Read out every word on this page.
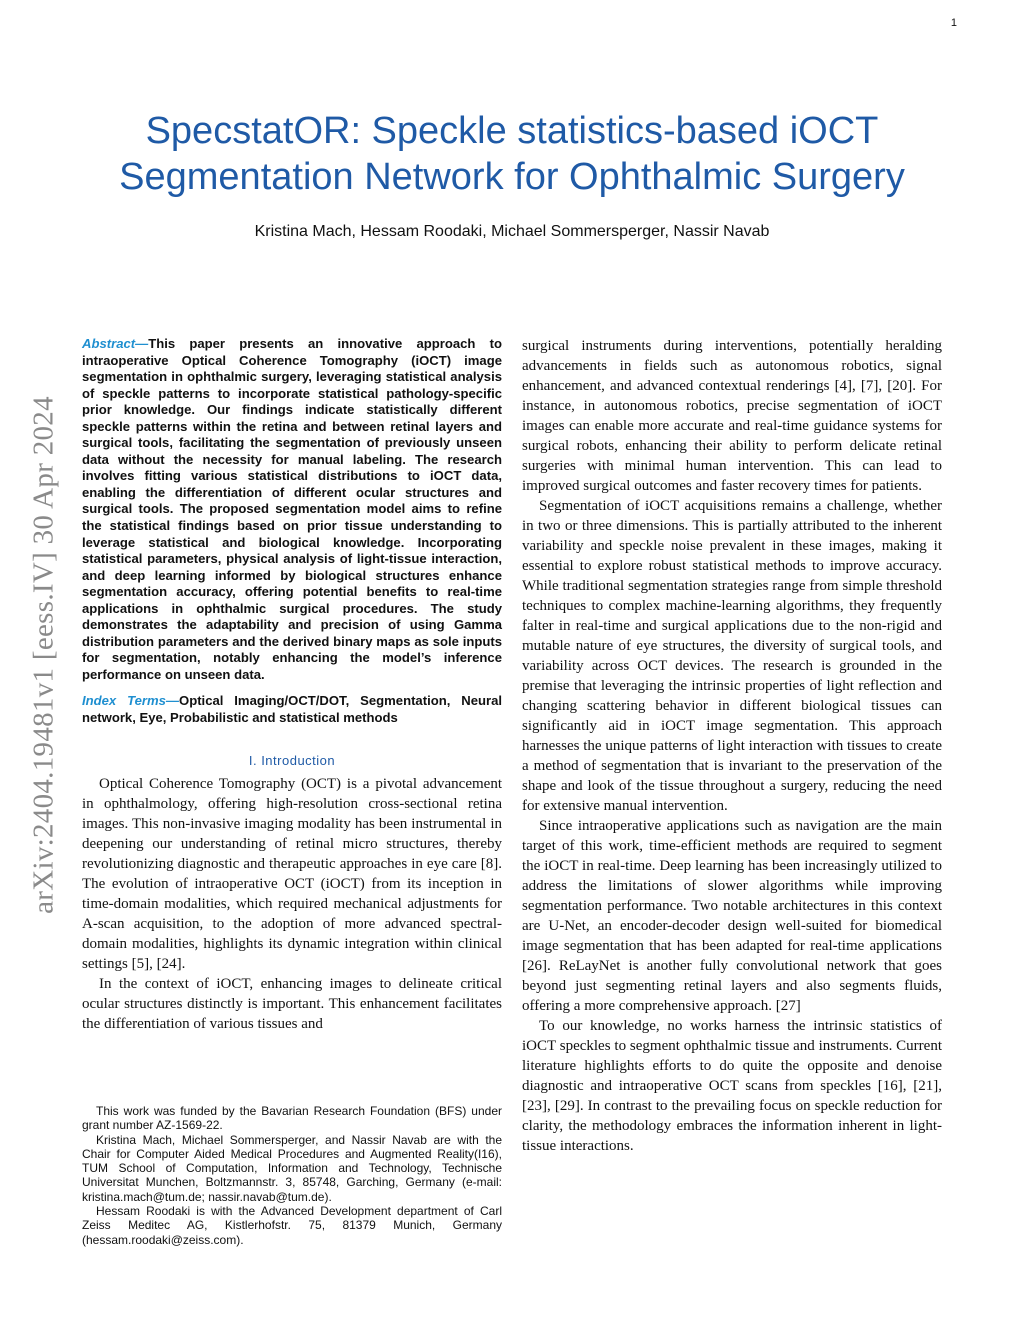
1
arXiv:2404.19481v1 [eess.IV] 30 Apr 2024
SpecstatOR: Speckle statistics-based iOCT
Segmentation Network for Ophthalmic Surgery
Kristina Mach, Hessam Roodaki, Michael Sommersperger, Nassir Navab

Abstract—This paper presents an innovative approach to intraoperative Optical Coherence Tomography (iOCT) image segmentation in ophthalmic surgery, leveraging statistical analysis of speckle patterns to incorporate statistical pathology-specific prior knowledge. Our findings indicate statistically different speckle patterns within the retina and between retinal layers and surgical tools, facilitating the segmentation of previously unseen data without the necessity for manual labeling. The research involves fitting various statistical distributions to iOCT data, enabling the differentiation of different ocular structures and surgical tools. The proposed segmentation model aims to refine the statistical findings based on prior tissue understanding to leverage statistical and biological knowledge. Incorporating statistical parameters, physical analysis of light-tissue interaction, and deep learning informed by biological structures enhance segmentation accuracy, offering potential benefits to real-time applications in ophthalmic surgical procedures. The study demonstrates the adaptability and precision of using Gamma distribution parameters and the derived binary maps as sole inputs for segmentation, notably enhancing the model’s inference performance on unseen data.

Index Terms—Optical Imaging/OCT/DOT, Segmentation, Neural network, Eye, Probabilistic and statistical methods

I. Introduction

Optical Coherence Tomography (OCT) is a pivotal advancement in ophthalmology, offering high-resolution cross-sectional retina images. This non-invasive imaging modality has been instrumental in deepening our understanding of retinal micro structures, thereby revolutionizing diagnostic and therapeutic approaches in eye care [8]. The evolution of intraoperative OCT (iOCT) from its inception in time-domain modalities, which required mechanical adjustments for A-scan acquisition, to the adoption of more advanced spectral-domain modalities, highlights its dynamic integration within clinical settings [5], [24].

In the context of iOCT, enhancing images to delineate critical ocular structures distinctly is important. This enhancement facilitates the differentiation of various tissues and

surgical instruments during interventions, potentially heralding advancements in fields such as autonomous robotics, signal enhancement, and advanced contextual renderings [4], [7], [20]. For instance, in autonomous robotics, precise segmentation of iOCT images can enable more accurate and real-time guidance systems for surgical robots, enhancing their ability to perform delicate retinal surgeries with minimal human intervention. This can lead to improved surgical outcomes and faster recovery times for patients.

Segmentation of iOCT acquisitions remains a challenge, whether in two or three dimensions. This is partially attributed to the inherent variability and speckle noise prevalent in these images, making it essential to explore robust statistical methods to improve accuracy. While traditional segmentation strategies range from simple threshold techniques to complex machine-learning algorithms, they frequently falter in real-time and surgical applications due to the non-rigid and mutable nature of eye structures, the diversity of surgical tools, and variability across OCT devices. The research is grounded in the premise that leveraging the intrinsic properties of light reflection and changing scattering behavior in different biological tissues can significantly aid in iOCT image segmentation. This approach harnesses the unique patterns of light interaction with tissues to create a method of segmentation that is invariant to the preservation of the shape and look of the tissue throughout a surgery, reducing the need for extensive manual intervention.

Since intraoperative applications such as navigation are the main target of this work, time-efficient methods are required to segment the iOCT in real-time. Deep learning has been increasingly utilized to address the limitations of slower algorithms while improving segmentation performance. Two notable architectures in this context are U-Net, an encoder-decoder design well-suited for biomedical image segmentation that has been adapted for real-time applications [26]. ReLayNet is another fully convolutional network that goes beyond just segmenting retinal layers and also segments fluids, offering a more comprehensive approach. [27]

To our knowledge, no works harness the intrinsic statistics of iOCT speckles to segment ophthalmic tissue and instruments. Current literature highlights efforts to do quite the opposite and denoise diagnostic and intraoperative OCT scans from speckles [16], [21], [23], [29]. In contrast to the prevailing focus on speckle reduction for clarity, the methodology embraces the information inherent in light-tissue interactions.

This work was funded by the Bavarian Research Foundation (BFS) under grant number AZ-1569-22.

Kristina Mach, Michael Sommersperger, and Nassir Navab are with the Chair for Computer Aided Medical Procedures and Augmented Reality(I16), TUM School of Computation, Information and Technology, Technische Universitat Munchen, Boltzmannstr. 3, 85748, Garching, Germany (e-mail: kristina.mach@tum.de; nassir.navab@tum.de).

Hessam Roodaki is with the Advanced Development department of Carl Zeiss Meditec AG, Kistlerhofstr. 75, 81379 Munich, Germany (hessam.roodaki@zeiss.com).
